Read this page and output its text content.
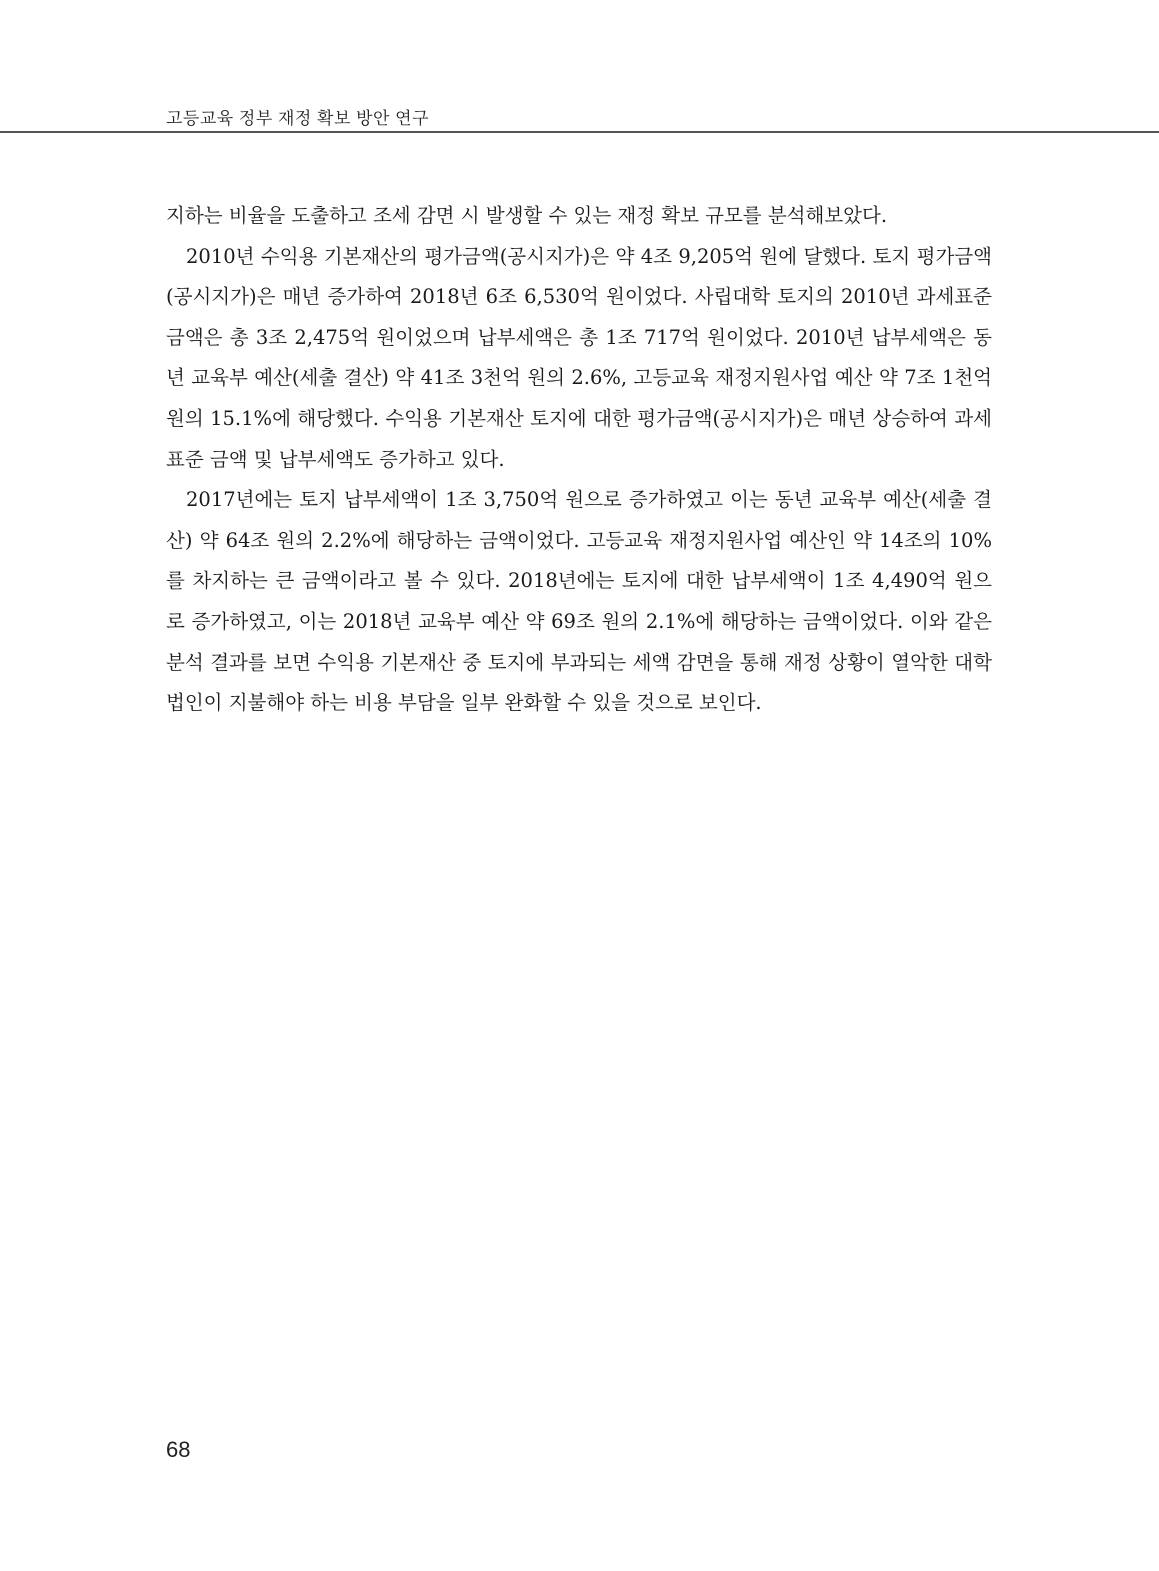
고등교육 정부 재정 확보 방안 연구

지하는 비율을 도출하고 조세 감면 시 발생할 수 있는 재정 확보 규모를 분석해보았다.

2010년 수익용 기본재산의 평가금액(공시지가)은 약 4조 9,205억 원에 달했다. 토지 평가금액(공시지가)은 매년 증가하여 2018년 6조 6,530억 원이었다. 사립대학 토지의 2010년 과세표준 금액은 총 3조 2,475억 원이었으며 납부세액은 총 1조 717억 원이었다. 2010년 납부세액은 동년 교육부 예산(세출 결산) 약 41조 3천억 원의 2.6%, 고등교육 재정지원사업 예산 약 7조 1천억 원의 15.1%에 해당했다. 수익용 기본재산 토지에 대한 평가금액(공시지가)은 매년 상승하여 과세표준 금액 및 납부세액도 증가하고 있다.

2017년에는 토지 납부세액이 1조 3,750억 원으로 증가하였고 이는 동년 교육부 예산(세출 결산) 약 64조 원의 2.2%에 해당하는 금액이었다. 고등교육 재정지원사업 예산인 약 14조의 10%를 차지하는 큰 금액이라고 볼 수 있다. 2018년에는 토지에 대한 납부세액이 1조 4,490억 원으로 증가하였고, 이는 2018년 교육부 예산 약 69조 원의 2.1%에 해당하는 금액이었다. 이와 같은 분석 결과를 보면 수익용 기본재산 중 토지에 부과되는 세액 감면을 통해 재정 상황이 열악한 대학 법인이 지불해야 하는 비용 부담을 일부 완화할 수 있을 것으로 보인다.

68
